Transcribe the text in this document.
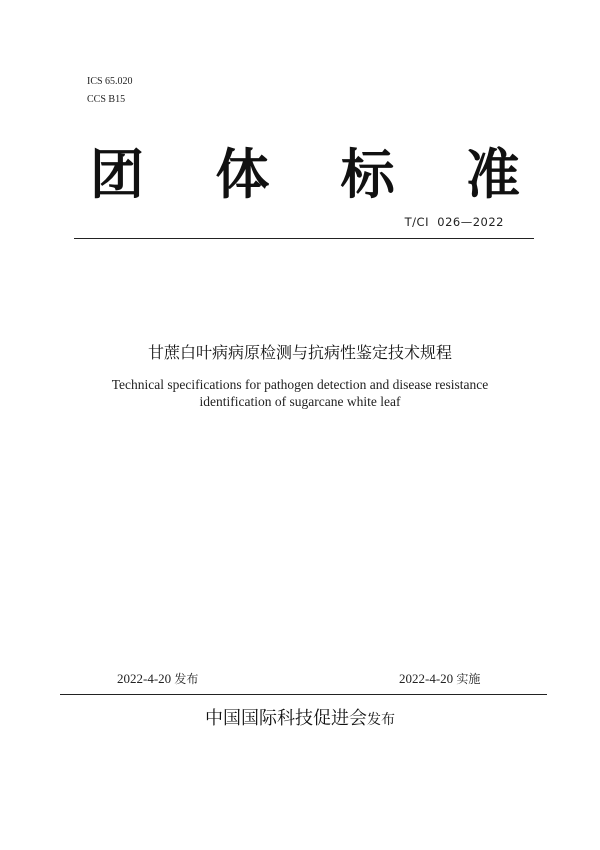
ICS 65.020
CCS B15
团 体 标 准
T/CI  026—2022
甘蔗白叶病病原检测与抗病性鉴定技术规程
Technical specifications for pathogen detection and disease resistance
identification of sugarcane white leaf
2022-4-20 发布	2022-4-20 实施
中国国际科技促进会发布
